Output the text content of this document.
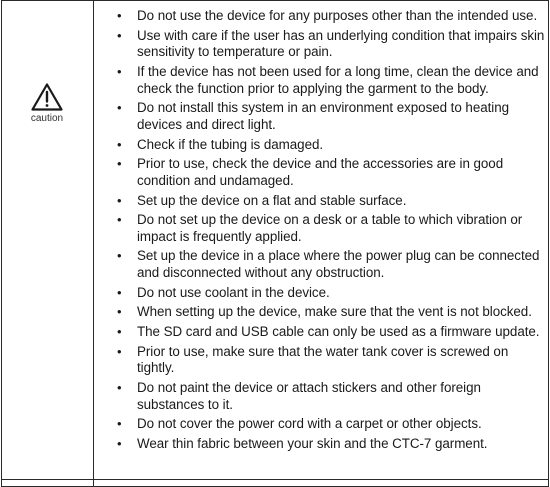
caution
• Do not use the device for any purposes other than the intended use.
• Use with care if the user has an underlying condition that impairs skin sensitivity to temperature or pain.
• If the device has not been used for a long time, clean the device and check the function prior to applying the garment to the body.
• Do not install this system in an environment exposed to heating devices and direct light.
• Check if the tubing is damaged.
• Prior to use, check the device and the accessories are in good condition and undamaged.
• Set up the device on a flat and stable surface.
• Do not set up the device on a desk or a table to which vibration or impact is frequently applied.
• Set up the device in a place where the power plug can be connected and disconnected without any obstruction.
• Do not use coolant in the device.
• When setting up the device, make sure that the vent is not blocked.
• The SD card and USB cable can only be used as a firmware update.
• Prior to use, make sure that the water tank cover is screwed on tightly.
• Do not paint the device or attach stickers and other foreign substances to it.
• Do not cover the power cord with a carpet or other objects.
• Wear thin fabric between your skin and the CTC-7 garment.
